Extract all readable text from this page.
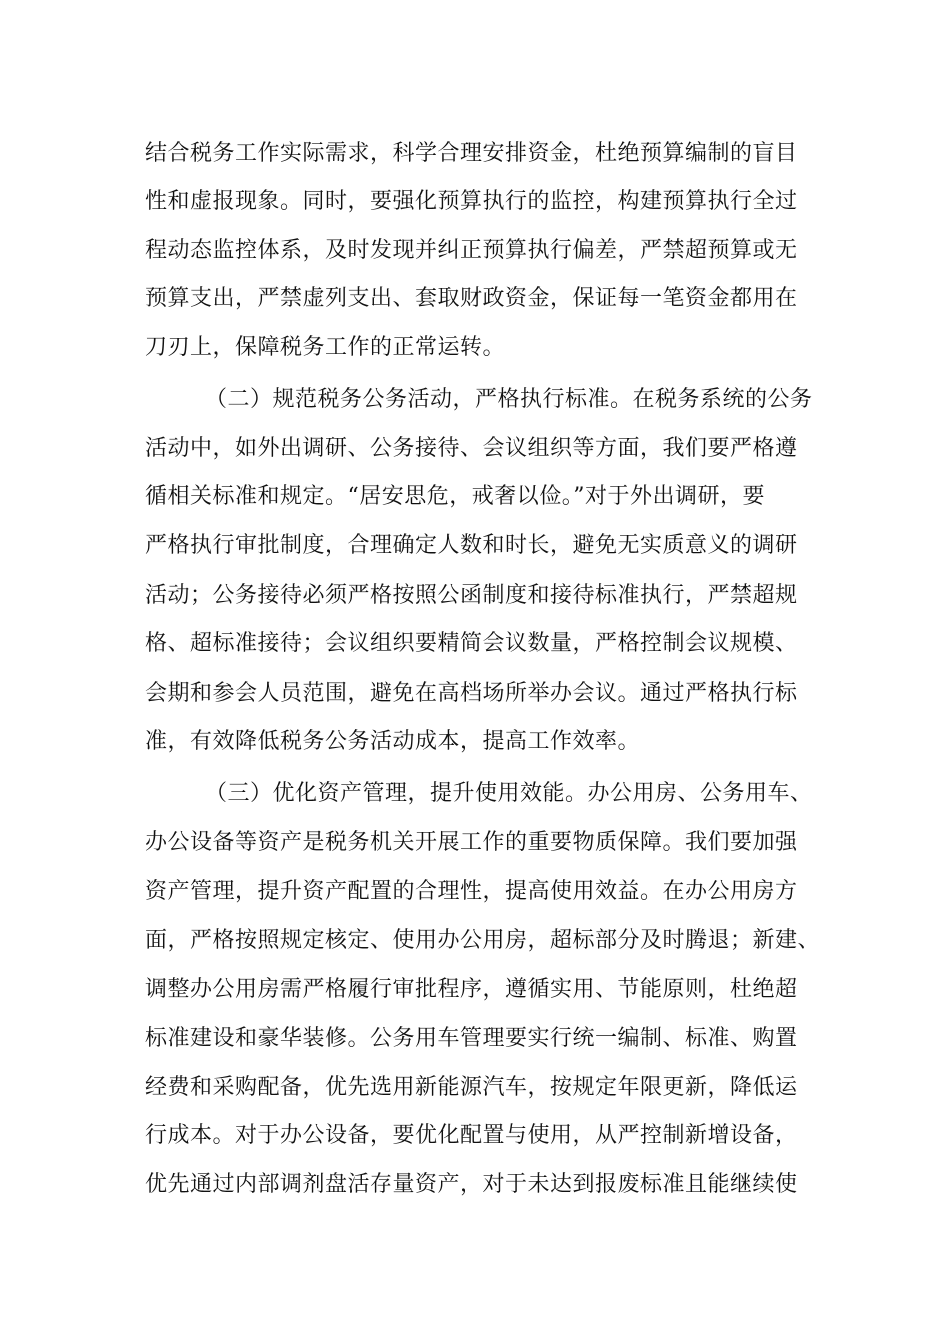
结合税务工作实际需求，科学合理安排资金，杜绝预算编制的盲目
性和虚报现象。同时，要强化预算执行的监控，构建预算执行全过
程动态监控体系，及时发现并纠正预算执行偏差，严禁超预算或无
预算支出，严禁虚列支出、套取财政资金，保证每一笔资金都用在
刀刃上，保障税务工作的正常运转。
（二）规范税务公务活动，严格执行标准。在税务系统的公务
活动中，如外出调研、公务接待、会议组织等方面，我们要严格遵
循相关标准和规定。“居安思危，戒奢以俭。”对于外出调研，要
严格执行审批制度，合理确定人数和时长，避免无实质意义的调研
活动；公务接待必须严格按照公函制度和接待标准执行，严禁超规
格、超标准接待；会议组织要精简会议数量，严格控制会议规模、
会期和参会人员范围，避免在高档场所举办会议。通过严格执行标
准，有效降低税务公务活动成本，提高工作效率。
（三）优化资产管理，提升使用效能。办公用房、公务用车、
办公设备等资产是税务机关开展工作的重要物质保障。我们要加强
资产管理，提升资产配置的合理性，提高使用效益。在办公用房方
面，严格按照规定核定、使用办公用房，超标部分及时腾退；新建、
调整办公用房需严格履行审批程序，遵循实用、节能原则，杜绝超
标准建设和豪华装修。公务用车管理要实行统一编制、标准、购置
经费和采购配备，优先选用新能源汽车，按规定年限更新，降低运
行成本。对于办公设备，要优化配置与使用，从严控制新增设备，
优先通过内部调剂盘活存量资产，对于未达到报废标准且能继续使
